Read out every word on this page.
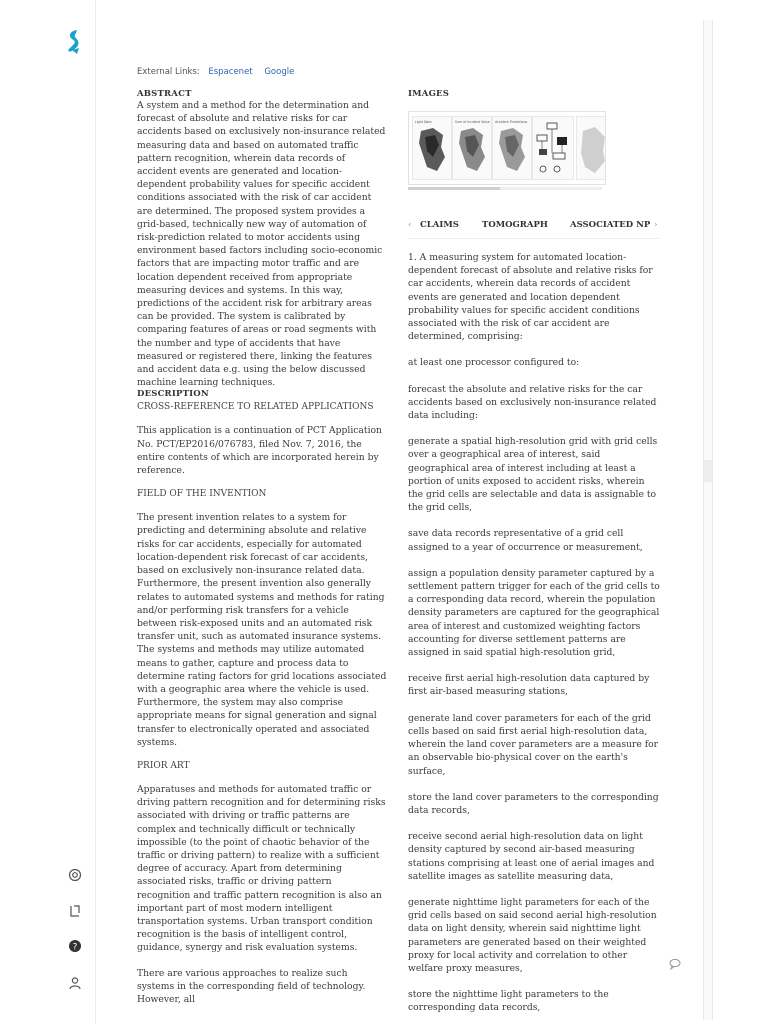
?
External Links: Espacenet Google
ABSTRACT

A system and a method for the determination and forecast of absolute and relative risks for car accidents based on exclusively non-insurance related measuring data and based on automated traffic pattern recognition, wherein data records of accident events are generated and location-dependent probability values for specific accident conditions associated with the risk of car accident are determined. The proposed system provides a grid-based, technically new way of automation of risk-prediction related to motor accidents using environment based factors including socio-economic factors that are impacting motor traffic and are location dependent received from appropriate measuring devices and systems. In this way, predictions of the accident risk for arbitrary areas can be provided. The system is calibrated by comparing features of areas or road segments with the number and type of accidents that have measured or registered there, linking the features and accident data e.g. using the below discussed machine learning techniques.

DESCRIPTION

CROSS-REFERENCE TO RELATED APPLICATIONS

This application is a continuation of PCT Application No. PCT/EP2016/076783, filed Nov. 7, 2016, the entire contents of which are incorporated herein by reference.

FIELD OF THE INVENTION

The present invention relates to a system for predicting and determining absolute and relative risks for car accidents, especially for automated location-dependent risk forecast of car accidents, based on exclusively non-insurance related data. Furthermore, the present invention also generally relates to automated systems and methods for rating and/or performing risk transfers for a vehicle between risk-exposed units and an automated risk transfer unit, such as automated insurance systems. The systems and methods may utilize automated means to gather, capture and process data to determine rating factors for grid locations associated with a geographic area where the vehicle is used. Furthermore, the system may also comprise appropriate means for signal generation and signal transfer to electronically operated and associated systems.

PRIOR ART

Apparatuses and methods for automated traffic or driving pattern recognition and for determining risks associated with driving or traffic patterns are complex and technically difficult or technically impossible (to the point of chaotic behavior of the traffic or driving pattern) to realize with a sufficient degree of accuracy. Apart from determining associated risks, traffic or driving pattern recognition and traffic pattern recognition is also an important part of most modern intelligent transportation systems. Urban transport condition recognition is the basis of intelligent control, guidance, synergy and risk evaluation systems.

There are various approaches to realize such systems in the corresponding field of technology. However, all

IMAGES
Light Data	Sum of Incident Value Accident Predictions
‹ CLAIMS	TOMOGRAPH	ASSOCIATED NP ›

1. A measuring system for automated location-dependent forecast of absolute and relative risks for car accidents, wherein data records of accident events are generated and location dependent probability values for specific accident conditions associated with the risk of car accident are determined, comprising:

at least one processor configured to:

forecast the absolute and relative risks for the car accidents based on exclusively non-insurance related data including:

generate a spatial high-resolution grid with grid cells over a geographical area of interest, said geographical area of interest including at least a portion of units exposed to accident risks, wherein the grid cells are selectable and data is assignable to the grid cells,

save data records representative of a grid cell assigned to a year of occurrence or measurement,

assign a population density parameter captured by a settlement pattern trigger for each of the grid cells to a corresponding data record, wherein the population density parameters are captured for the geographical area of interest and customized weighting factors accounting for diverse settlement patterns are assigned in said spatial high-resolution grid,

receive first aerial high-resolution data captured by first air-based measuring stations,

generate land cover parameters for each of the grid cells based on said first aerial high-resolution data, wherein the land cover parameters are a measure for an observable bio-physical cover on the earth's surface,

store the land cover parameters to the corresponding data records,

receive second aerial high-resolution data on light density captured by second air-based measuring stations comprising at least one of aerial images and satellite images as satellite measuring data,

generate nighttime light parameters for each of the grid cells based on said second aerial high-resolution data on light density, wherein said nighttime light parameters are generated based on their weighted proxy for local activity and correlation to other welfare proxy measures,

store the nighttime light parameters to the corresponding data records,
